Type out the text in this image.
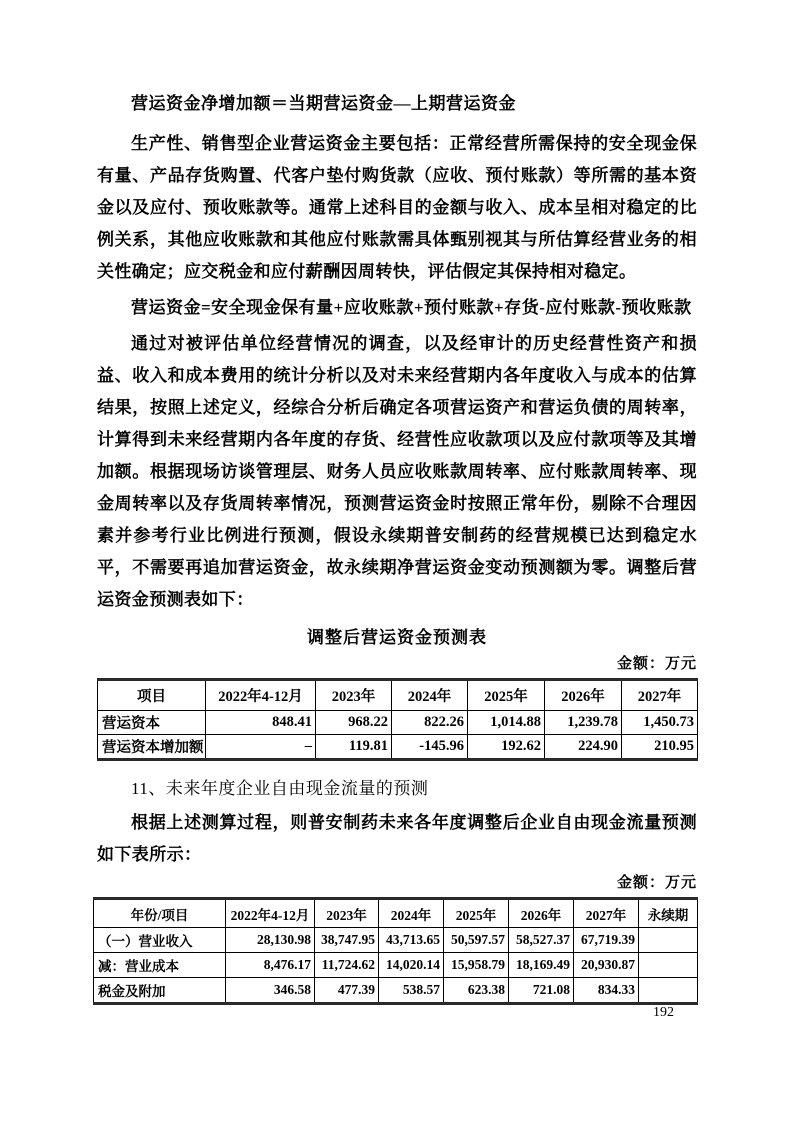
营运资金净增加额＝当期营运资金—上期营运资金

生产性、销售型企业营运资金主要包括：正常经营所需保持的安全现金保有量、产品存货购置、代客户垫付购货款（应收、预付账款）等所需的基本资金以及应付、预收账款等。通常上述科目的金额与收入、成本呈相对稳定的比例关系，其他应收账款和其他应付账款需具体甄别视其与所估算经营业务的相关性确定；应交税金和应付薪酬因周转快，评估假定其保持相对稳定。

营运资金=安全现金保有量+应收账款+预付账款+存货-应付账款-预收账款

通过对被评估单位经营情况的调查，以及经审计的历史经营性资产和损益、收入和成本费用的统计分析以及对未来经营期内各年度收入与成本的估算结果，按照上述定义，经综合分析后确定各项营运资产和营运负债的周转率，计算得到未来经营期内各年度的存货、经营性应收款项以及应付款项等及其增加额。根据现场访谈管理层、财务人员应收账款周转率、应付账款周转率、现金周转率以及存货周转率情况，预测营运资金时按照正常年份，剔除不合理因素并参考行业比例进行预测，假设永续期普安制药的经营规模已达到稳定水平，不需要再追加营运资金，故永续期净营运资金变动预测额为零。调整后营运资金预测表如下：

调整后营运资金预测表

金额：万元
项目	2022年4-12月	2023年	2024年	2025年	2026年	2027年
营运资本	848.41	968.22	822.26	1,014.88	1,239.78	1,450.73
营运资本增加额	–	119.81	-145.96	192.62	224.90	210.95

11、未来年度企业自由现金流量的预测

根据上述测算过程，则普安制药未来各年度调整后企业自由现金流量预测如下表所示：

金额：万元
年份/项目	2022年4-12月	2023年	2024年	2025年	2026年	2027年	永续期
（一）营业收入	28,130.98	38,747.95	43,713.65	50,597.57	58,527.37	67,719.39	
减：营业成本	8,476.17	11,724.62	14,020.14	15,958.79	18,169.49	20,930.87	
税金及附加	346.58	477.39	538.57	623.38	721.08	834.33	
192
